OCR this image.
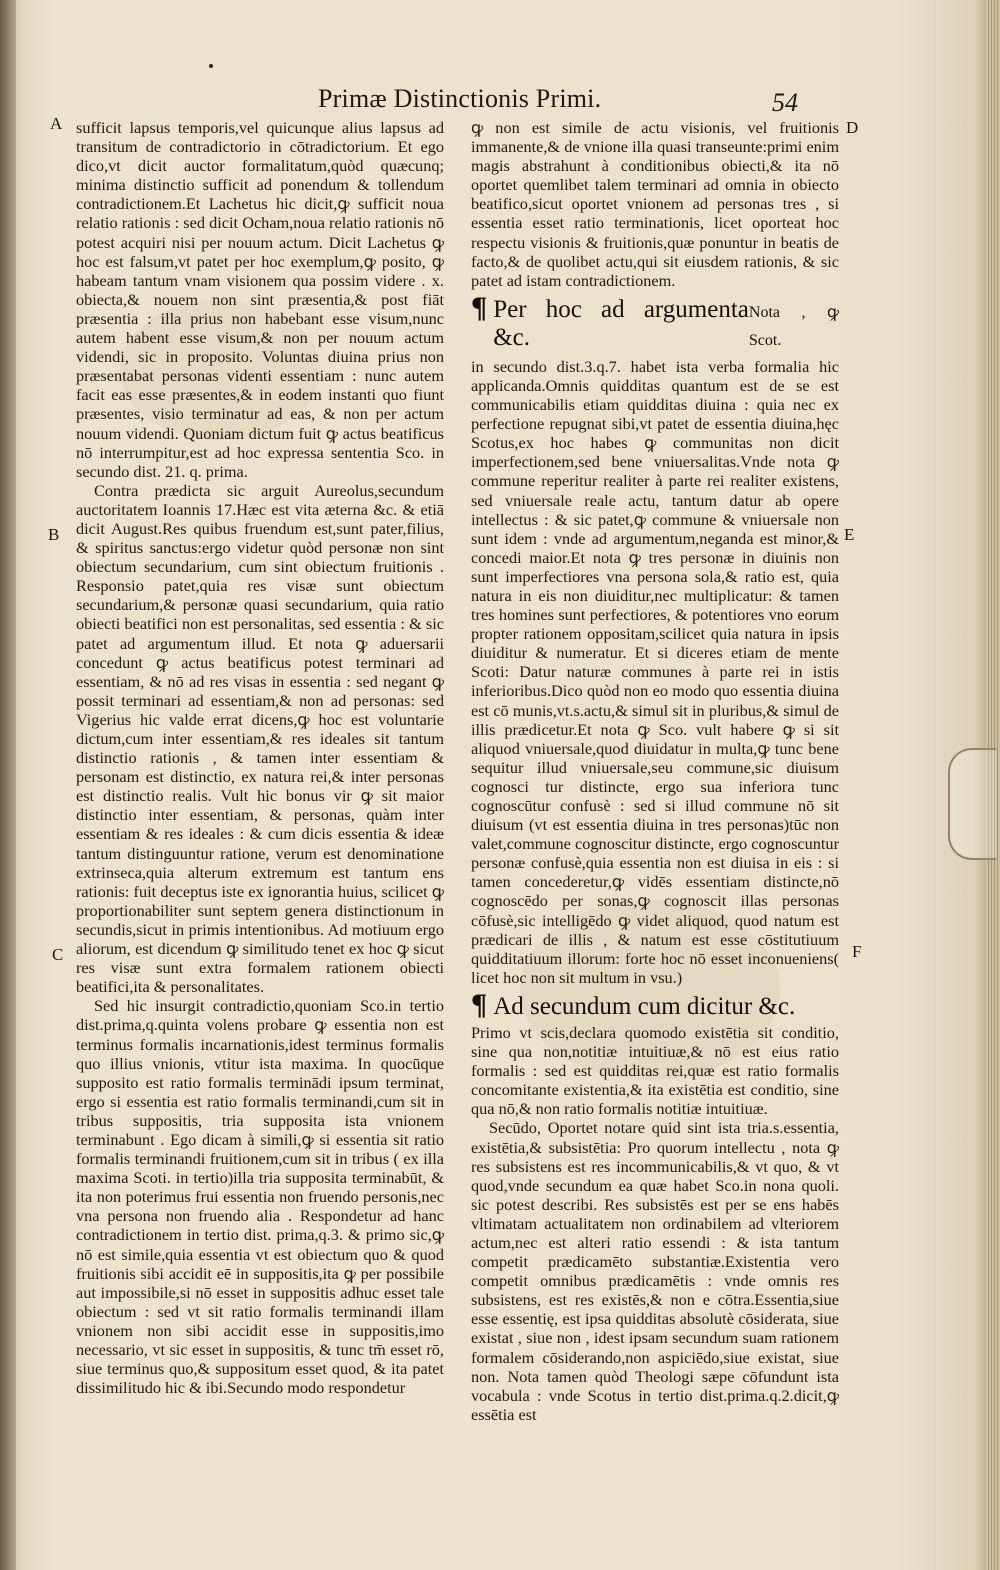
Primæ Distinctionis Primi.	54
A
B
C
D
E
F

sufficit lapsus temporis,vel quicunque alius lapsus ad transitum de contradictorio in cōtradictorium. Et ego dico,vt dicit auctor formalitatum,quòd quæcunq; minima distinctio sufficit ad ponendum & tollendum contradictionem.Et Lachetus hic dicit,ꝙ sufficit noua relatio rationis : sed dicit Ocham,noua relatio rationis nō potest acquiri nisi per nouum actum. Dicit Lachetus ꝙ hoc est falsum,vt patet per hoc exemplum,ꝙ posito, ꝙ habeam tantum vnam visionem qua possim videre . x. obiecta,& nouem non sint præsentia,& post fiāt præsentia : illa prius non habebant esse visum,nunc autem habent esse visum,& non per nouum actum videndi, sic in proposito. Voluntas diuina prius non præsentabat personas videnti essentiam : nunc autem facit eas esse præsentes,& in eodem instanti quo fiunt præsentes, visio terminatur ad eas, & non per actum nouum videndi. Quoniam dictum fuit ꝙ actus beatificus nō interrumpitur,est ad hoc expressa sententia Sco. in secundo dist. 21. q. prima.

Contra prædicta sic arguit Aureolus,secundum auctoritatem Ioannis 17.Hæc est vita æterna &c. & etiā dicit August.Res quibus fruendum est,sunt pater,filius, & spiritus sanctus:ergo videtur quòd personæ non sint obiectum secundarium, cum sint obiectum fruitionis . Responsio patet,quia res visæ sunt obiectum secundarium,& personæ quasi secundarium, quia ratio obiecti beatifici non est personalitas, sed essentia : & sic patet ad argumentum illud. Et nota ꝙ aduersarii concedunt ꝙ actus beatificus potest terminari ad essentiam, & nō ad res visas in essentia : sed negant ꝙ possit terminari ad essentiam,& non ad personas: sed Vigerius hic valde errat dicens,ꝙ hoc est voluntarie dictum,cum inter essentiam,& res ideales sit tantum distinctio rationis , & tamen inter essentiam & personam est distinctio, ex natura rei,& inter personas est distinctio realis. Vult hic bonus vir ꝙ sit maior distinctio inter essentiam, & personas, quàm inter essentiam & res ideales : & cum dicis essentia & ideæ tantum distinguuntur ratione, verum est denominatione extrinseca,quia alterum extremum est tantum ens rationis: fuit deceptus iste ex ignorantia huius, scilicet ꝙ proportionabiliter sunt septem genera distinctionum in secundis,sicut in primis intentionibus. Ad motiuum ergo aliorum, est dicendum ꝙ similitudo tenet ex hoc ꝙ sicut res visæ sunt extra formalem rationem obiecti beatifici,ita & personalitates.

Sed hic insurgit contradictio,quoniam Sco.in tertio dist.prima,q.quinta volens probare ꝙ essentia non est terminus formalis incarnationis,idest terminus formalis quo illius vnionis, vtitur ista maxima. In quocūque supposito est ratio formalis terminādi ipsum terminat, ergo si essentia est ratio formalis terminandi,cum sit in tribus suppositis, tria supposita ista vnionem terminabunt . Ego dicam à simili,ꝙ si essentia sit ratio formalis terminandi fruitionem,cum sit in tribus ( ex illa maxima Scoti. in tertio)illa tria supposita terminabūt, & ita non poterimus frui essentia non fruendo personis,nec vna persona non fruendo alia . Respondetur ad hanc contradictionem in tertio dist. prima,q.3. & primo sic,ꝙ nō est simile,quia essentia vt est obiectum quo & quod fruitionis sibi accidit eē in suppositis,ita ꝙ per possibile aut impossibile,si nō esset in suppositis adhuc esset tale obiectum : sed vt sit ratio formalis terminandi illam vnionem non sibi accidit esse in suppositis,imo necessario, vt sic esset in suppositis, & tunc tm̄ esset rō, siue terminus quo,& suppositum esset quod, & ita patet dissimilitudo hic & ibi.Secundo modo respondetur

ꝙ non est simile de actu visionis, vel fruitionis immanente,& de vnione illa quasi transeunte:primi enim magis abstrahunt à conditionibus obiecti,& ita nō oportet quemlibet talem terminari ad omnia in obiecto beatifico,sicut oportet vnionem ad personas tres , si essentia esset ratio terminationis, licet oporteat hoc respectu visionis & fruitionis,quæ ponuntur in beatis de facto,& de quolibet actu,qui sit eiusdem rationis, & sic patet ad istam contradictionem.

¶ Per hoc ad argumenta &c.
Nota , ꝙ Scot.

in secundo dist.3.q.7. habet ista verba formalia hic applicanda.Omnis quidditas quantum est de se est communicabilis etiam quidditas diuina : quia nec ex perfectione repugnat sibi,vt patet de essentia diuina,hęc Scotus,ex hoc habes ꝙ communitas non dicit imperfectionem,sed bene vniuersalitas.Vnde nota ꝙ commune reperitur realiter à parte rei realiter existens, sed vniuersale reale actu, tantum datur ab opere intellectus : & sic patet,ꝙ commune & vniuersale non sunt idem : vnde ad argumentum,neganda est minor,& concedi maior.Et nota ꝙ tres personæ in diuinis non sunt imperfectiores vna persona sola,& ratio est, quia natura in eis non diuiditur,nec multiplicatur: & tamen tres homines sunt perfectiores, & potentiores vno eorum propter rationem oppositam,scilicet quia natura in ipsis diuiditur & numeratur. Et si diceres etiam de mente Scoti: Datur naturæ communes à parte rei in istis inferioribus.Dico quòd non eo modo quo essentia diuina est cō munis,vt.s.actu,& simul sit in pluribus,& simul de illis prædicetur.Et nota ꝙ Sco. vult habere ꝙ si sit aliquod vniuersale,quod diuidatur in multa,ꝙ tunc bene sequitur illud vniuersale,seu commune,sic diuisum cognosci tur distincte, ergo sua inferiora tunc cognoscūtur confusè : sed si illud commune nō sit diuisum (vt est essentia diuina in tres personas)tūc non valet,commune cognoscitur distincte, ergo cognoscuntur personæ confusè,quia essentia non est diuisa in eis : si tamen concederetur,ꝙ vidēs essentiam distincte,nō cognoscēdo per sonas,ꝙ cognoscit illas personas cōfusè,sic intelligēdo ꝙ videt aliquod, quod natum est prædicari de illis , & natum est esse cōstitutiuum quidditatiuum illorum: forte hoc nō esset inconueniens( licet hoc non sit multum in vsu.)

¶ Ad secundum cum dicitur &c.

Primo vt scis,declara quomodo existētia sit conditio, sine qua non,notitiæ intuitiuæ,& nō est eius ratio formalis : sed est quidditas rei,quæ est ratio formalis concomitante existentia,& ita existētia est conditio, sine qua nō,& non ratio formalis notitiæ intuitiuæ.

Secūdo, Oportet notare quid sint ista tria.s.essentia, existētia,& subsistētia: Pro quorum intellectu , nota ꝙ res subsistens est res incommunicabilis,& vt quo, & vt quod,vnde secundum ea quæ habet Sco.in nona quoli. sic potest describi. Res subsistēs est per se ens habēs vltimatam actualitatem non ordinabilem ad vlteriorem actum,nec est alteri ratio essendi : & ista tantum competit prædicamēto substantiæ.Existentia vero competit omnibus prædicamētis : vnde omnis res subsistens, est res existēs,& non e cōtra.Essentia,siue esse essentię, est ipsa quidditas absolutè cōsiderata, siue existat , siue non , idest ipsam secundum suam rationem formalem cōsiderando,non aspiciēdo,siue existat, siue non. Nota tamen quòd Theologi sæpe cōfundunt ista vocabula : vnde Scotus in tertio dist.prima.q.2.dicit,ꝙ essētia est
